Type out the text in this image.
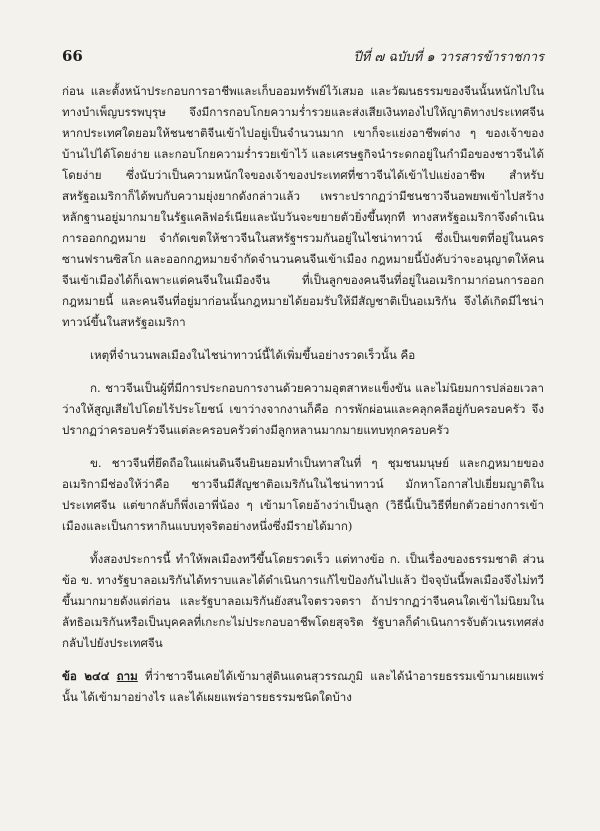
66	ปีที่ ๗ ฉบับที่ ๑ วารสารข้าราชการ

ก่อน และตั้งหน้าประกอบการอาชีพและเก็บออมทรัพย์ไว้เสมอ และวัฒนธรรมของจีนนั้นหนักไปในทางบำเพ็ญบรรพบุรุษ จึงมีการกอบโกยความร่ำรวยและส่งเสียเงินทองไปให้ญาติทางประเทศจีนหากประเทศใดยอมให้ชนชาติจีนเข้าไปอยู่เป็นจำนวนมาก เขาก็จะแย่งอาชีพต่าง ๆ ของเจ้าของบ้านไปได้โดยง่าย และกอบโกยความร่ำรวยเข้าไว้ และเศรษฐกิจนำระดกอยู่ในกำมือของชาวจีนได้โดยง่าย ซึ่งนับว่าเป็นความหนักใจของเจ้าของประเทศที่ชาวจีนได้เข้าไปแย่งอาชีพ สำหรับสหรัฐอเมริกาก็ได้พบกับความยุ่งยากดังกล่าวแล้ว เพราะปรากฏว่ามีชนชาวจีนอพยพเข้าไปสร้างหลักฐานอยู่มากมายในรัฐแคลิฟอร์เนียและนับวันจะขยายตัวยิ่งขึ้นทุกที ทางสหรัฐอเมริกาจึงดำเนินการออกกฎหมาย จำกัดเขตให้ชาวจีนในสหรัฐฯรวมกันอยู่ในไชน่าทาวน์ ซึ่งเป็นเขตที่อยู่ในนครซานฟรานซิสโก และออกกฎหมายจำกัดจำนวนคนจีนเข้าเมือง กฎหมายนี้บังคับว่าจะอนุญาตให้คนจีนเข้าเมืองได้ก็เฉพาะแต่คนจีนในเมืองจีน ที่เป็นลูกของคนจีนที่อยู่ในอเมริกามาก่อนการออกกฎหมายนี้ และคนจีนที่อยู่มาก่อนนั้นกฎหมายได้ยอมรับให้มีสัญชาติเป็นอเมริกัน จึงได้เกิดมีไชน่าทาวน์ขึ้นในสหรัฐอเมริกา

เหตุที่จำนวนพลเมืองในไชน่าทาวน์นี้ได้เพิ่มขึ้นอย่างรวดเร็วนั้น คือ

ก. ชาวจีนเป็นผู้ที่มีการประกอบการงานด้วยความอุตสาหะแข็งขัน และไม่นิยมการปล่อยเวลาว่างให้สูญเสียไปโดยไร้ประโยชน์ เขาว่างจากงานก็คือ การพักผ่อนและคลุกคลีอยู่กับครอบครัว จึงปรากฏว่าครอบครัวจีนแต่ละครอบครัวต่างมีลูกหลานมากมายแทบทุกครอบครัว

ข. ชาวจีนที่ยึดถือในแผ่นดินจีนยินยอมทำเป็นทาสในที่ ๆ ชุมชนมนุษย์ และกฎหมายของอเมริกามีช่องให้ว่าคือ ชาวจีนมีสัญชาติอเมริกันในไชน่าทาวน์ มักหาโอกาสไปเยี่ยมญาติในประเทศจีน แต่ขากลับก็พึ่งเอาพี่น้อง ๆ เข้ามาโดยอ้างว่าเป็นลูก (วิธีนี้เป็นวิธีที่ยกตัวอย่างการเข้าเมืองและเป็นการหากินแบบทุจริตอย่างหนึ่งซึ่งมีรายได้มาก)

ทั้งสองประการนี้ ทำให้พลเมืองทวีขึ้นโดยรวดเร็ว แต่ทางข้อ ก. เป็นเรื่องของธรรมชาติ ส่วนข้อ ข. ทางรัฐบาลอเมริกันได้ทราบและได้ดำเนินการแก้ไขป้องกันไปแล้ว ปัจจุบันนี้พลเมืองจึงไม่ทวีขึ้นมากมายดังแต่ก่อน และรัฐบาลอเมริกันยังสนใจตรวจตรา ถ้าปรากฏว่าจีนคนใดเข้าไม่นิยมในลัทธิอเมริกันหรือเป็นบุคคลที่เกะกะไม่ประกอบอาชีพโดยสุจริต รัฐบาลก็ดำเนินการจับตัวเนรเทศส่งกลับไปยังประเทศจีน

ข้อ ๒๔๔ ถาม ที่ว่าชาวจีนเคยได้เข้ามาสู่ดินแดนสุวรรณภูมิ และได้นำอารยธรรมเข้ามาเผยแพร่นั้น ได้เข้ามาอย่างไร และได้เผยแพร่อารยธรรมชนิดใดบ้าง
